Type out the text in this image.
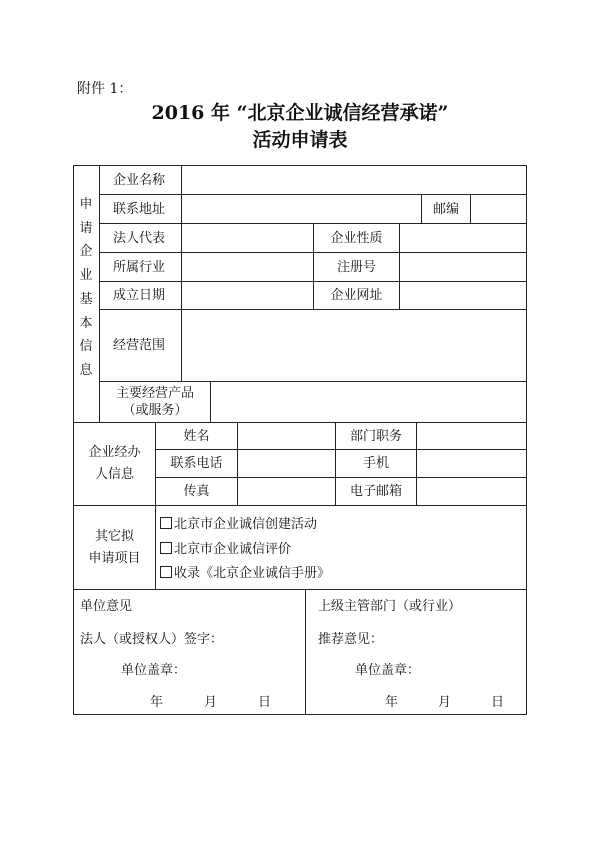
附件 1：
2016 年 “北京企业诚信经营承诺”
活动申请表
申
请
企
业
基
本
信
息
企业名称
联系地址	邮编
法人代表	企业性质
所属行业	注册号
成立日期	企业网址
经营范围
主要经营产品
（或服务）
企业经办
人信息
姓名	部门职务
联系电话	手机
传真	电子邮箱
其它拟
申请项目
北京市企业诚信创建活动
北京市企业诚信评价
收录《北京企业诚信手册》
单位意见
法人（或授权人）签字：
单位盖章：
年	月	日
上级主管部门（或行业）
推荐意见：
单位盖章：
年	月	日
